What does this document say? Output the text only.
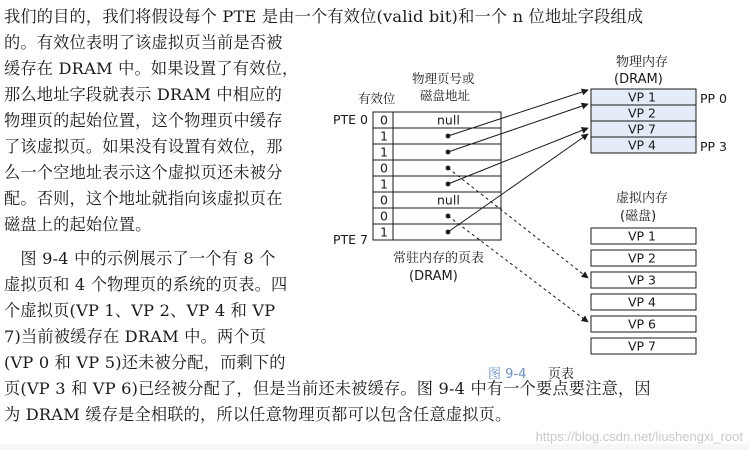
我们的目的，我们将假设每个 PTE 是由一个有效位(valid bit)和一个 n 位地址字段组成
的。有效位表明了该虚拟页当前是否被
缓存在 DRAM 中。如果设置了有效位，
那么地址字段就表示 DRAM 中相应的
物理页的起始位置，这个物理页中缓存
了该虚拟页。如果没有设置有效位，那
么一个空地址表示这个虚拟页还未被分
配。否则，这个地址就指向该虚拟页在
磁盘上的起始位置。
　图 9-4 中的示例展示了一个有 8 个
虚拟页和 4 个物理页的系统的页表。四
个虚拟页(VP 1、VP 2、VP 4 和 VP
7)当前被缓存在 DRAM 中。两个页
(VP 0 和 VP 5)还未被分配，而剩下的
页(VP 3 和 VP 6)已经被分配了，但是当前还未被缓存。图 9-4 中有一个要点要注意，因
为 DRAM 缓存是全相联的，所以任意物理页都可以包含任意虚拟页。
有效位
物理页号或
磁盘地址
PTE 0
PTE 7
0	null
1
1
0
1
0	null
0
1
常驻内存的页表
(DRAM)
物理内存
(DRAM)
VP 1
VP 2
VP 7
VP 4
PP 0
PP 3
虚拟内存
(磁盘)
VP 1
VP 2
VP 3
VP 4
VP 6
VP 7
图 9-4 页表
https://blog.csdn.net/liushengxi_root
